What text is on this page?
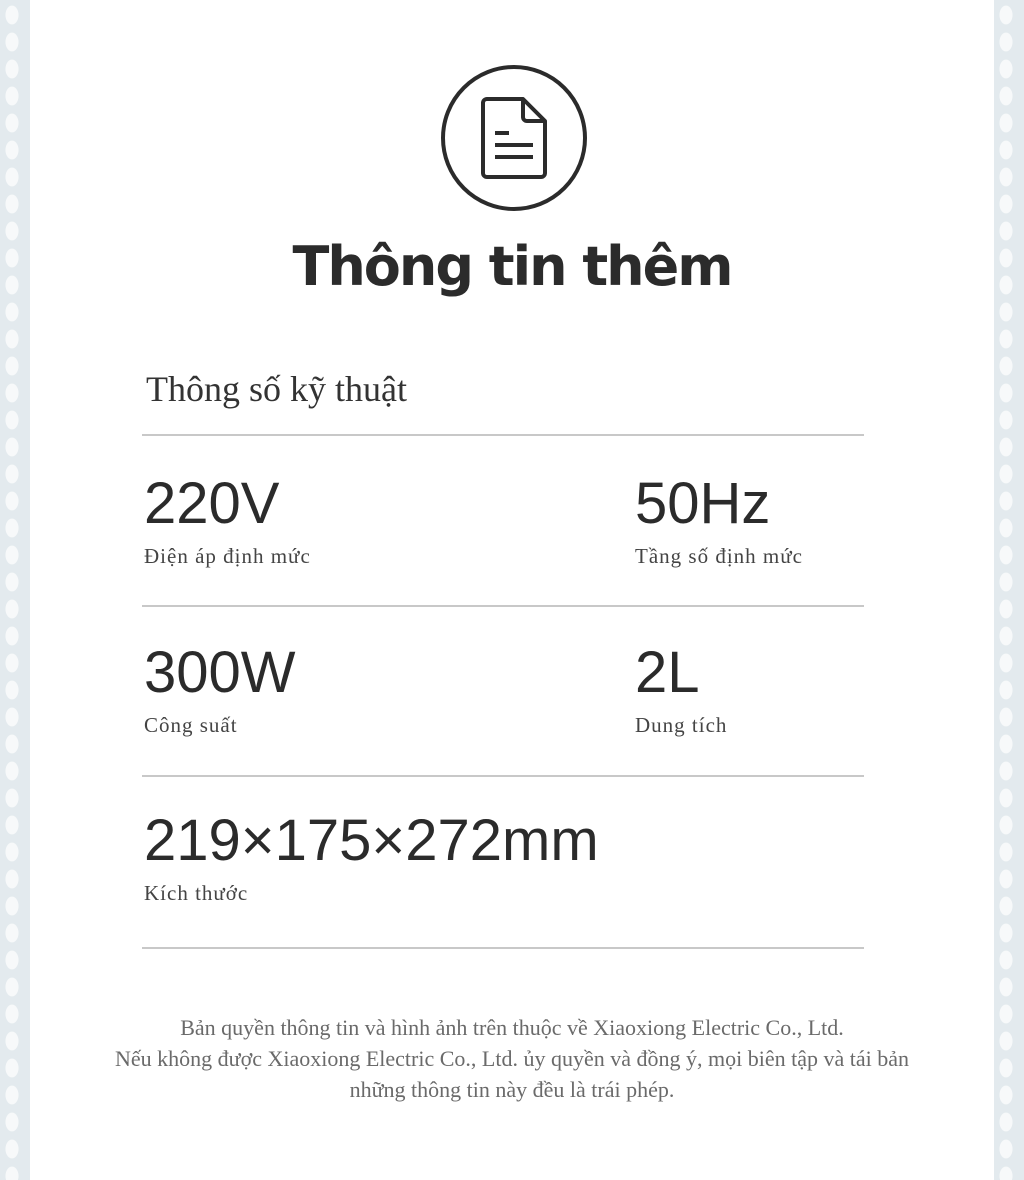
Thông tin thêm
Thông số kỹ thuật
220V
Điện áp định mức
50Hz
Tầng số định mức
300W
Công suất
2L
Dung tích
219×175×272mm
Kích thước
Bản quyền thông tin và hình ảnh trên thuộc về Xiaoxiong Electric Co., Ltd.
Nếu không được Xiaoxiong Electric Co., Ltd. ủy quyền và đồng ý, mọi biên tập và tái bản
những thông tin này đều là trái phép.
